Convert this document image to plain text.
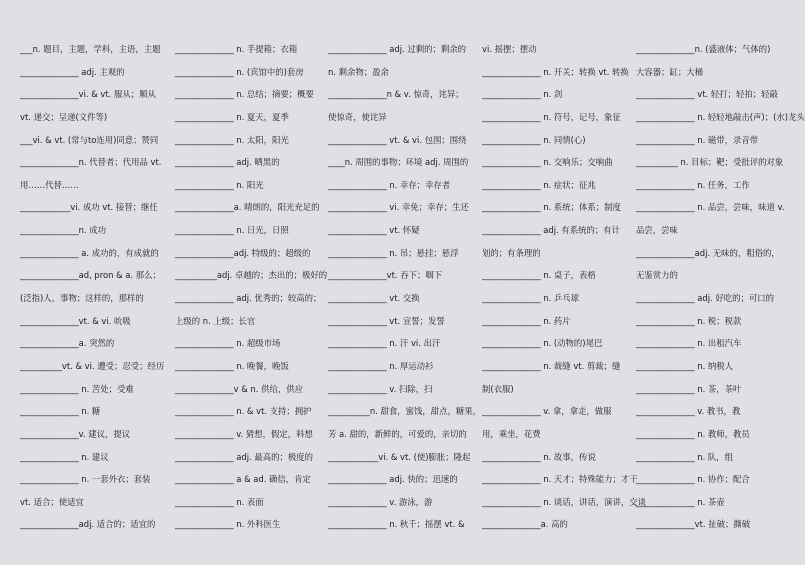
___n. 题目，主题，学科，主语，主题
______________ adj. 主观的
______________vi. & vt. 服从；顺从
vt. 递交；呈递(文件等)
___vi. & vt. (常与to连用)同意；赞同
______________n. 代替者；代用品 vt.
用……代替……
____________vi. 成功 vt. 接替；继任
______________n. 成功
______________ a. 成功的，有成就的
______________ad, pron & a. 那么；
(泛指)人，事物；这样的，那样的
______________vt. & vi. 吮吸
______________a. 突然的
__________vt. & vi. 遭受；忍受；经历
______________ n. 苦处；受难
______________ n. 糖
______________v. 建议，提议
______________ n. 建议
______________ n. 一套外衣；套装
vt. 适合；使适宜
______________adj. 适合的；适宜的
______________ n. 手提箱；衣箱
______________ n. (宾馆中的)套房
______________ n. 总结；摘要；概要
______________ n. 夏天，夏季
______________ n. 太阳，阳光
______________ adj. 晒黑的
______________ n. 阳光
______________a. 晴朗的，阳光充足的
______________ n. 日光，日照
______________adj. 特级的；超级的
__________adj. 卓越的；杰出的；极好的
______________ adj. 优秀的；较高的；
上级的 n. 上级；长官
______________ n. 超级市场
______________ n. 晚餐，晚饭
______________v & n. 供给，供应
______________ n. & vt. 支持；拥护
______________ v. 猜想，假定，料想
______________ adj. 最高的；极度的
______________ a & ad. 确信，肯定
______________ n. 表面
______________ n. 外科医生
______________ adj. 过剩的；剩余的
n. 剩余物；盈余
______________n & v. 惊奇，诧异；
使惊奇，使诧异
______________ vt. & vi. 包围；围绕
____n. 周围的事物；环境 adj. 周围的
______________ n. 幸存；幸存者
______________ vi. 幸免；幸存；生还
______________ vt. 怀疑
______________ n. 吊；悬挂；悬浮
______________vt. 吞下；咽下
______________ vt. 交换
______________ vt. 宣誓；发誓
______________ n. 汗 vi. 出汗
______________ n. 厚运动衫
______________ v. 扫除，扫
__________n. 甜食，蜜饯，甜点，糖果，
芳 a. 甜的，新鲜的，可爱的，亲切的
____________vi. & vt. (使)膨胀；隆起
______________ adj. 快的；迅速的
______________ v. 游泳，游
______________ n. 秋千；摇摆 vt. &
vi. 摇摆；摆动
______________ n. 开关；转换 vt. 转换
______________ n. 剑
______________ n. 符号，记号，象征
______________ n. 同情(心)
______________ n. 交响乐；交响曲
______________ n. 症状；征兆
______________ n. 系统；体系；制度
______________ adj. 有系统的；有计
划的；有条理的
______________ n. 桌子，表格
______________ n. 乒乓球
______________ n. 药片
______________ n. (动物的)尾巴
______________ n. 裁缝 vt. 剪裁；缝
制(衣服)
______________ v. 拿，拿走，做服
用，乘坐，花费
______________ n. 故事，传说
______________ n. 天才；特殊能力；才干
______________ n. 谈话，讲话，演讲，交谈
______________a. 高的
______________n. (盛液体；气体的)
大容器；缸；大桶
______________ vt. 轻打；轻拍；轻敲
______________ n. 轻轻地敲击(声)；(水)龙头
______________ n. 磁带，录音带
__________ n. 目标；靶；受批评的对象
______________ n. 任务，工作
______________ n. 品尝，尝味，味道 v.
品尝，尝味
______________adj. 无味的，粗俗的，
无鉴赏力的
______________ adj. 好吃的；可口的
______________ n. 税；税款
______________ n. 出租汽车
______________ n. 纳税人
______________ n. 茶，茶叶
______________ v. 教书，教
______________ n. 教师，教员
______________ n. 队，组
______________ n. 协作；配合
______________ n. 茶壶
______________vt. 扯破；撕破
